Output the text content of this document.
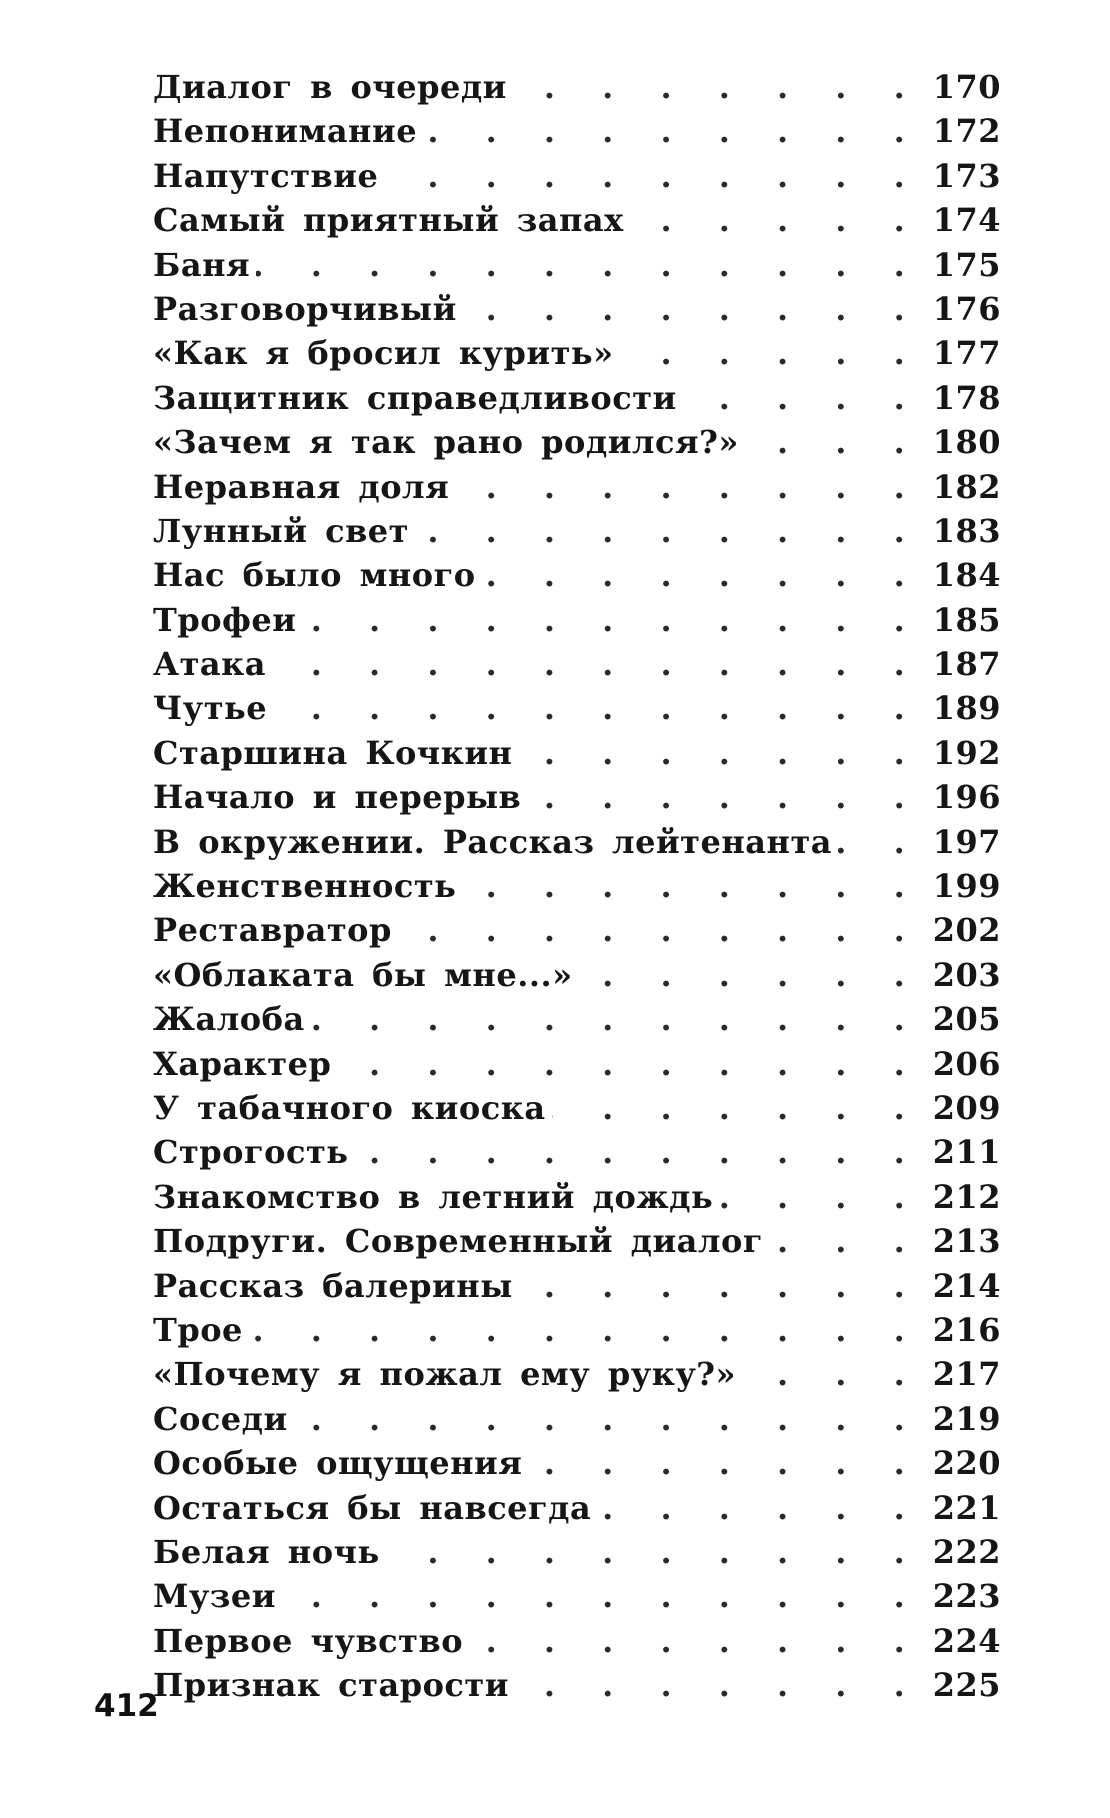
Диалог в очереди . . .	170
Непонимание . . .	172
Напутствие . . .	173
Самый приятный запах . . .	174
Баня . . .	175
Разговорчивый . . .	176
«Как я бросил курить» . . .	177
Защитник справедливости . . .	178
«Зачем я так рано родился?» . . .	180
Неравная доля . . .	182
Лунный свет . . .	183
Нас было много . . .	184
Трофеи . . .	185
Атака . . .	187
Чутье . . .	189
Старшина Кочкин . . .	192
Начало и перерыв . . .	196
В окружении. Рассказ лейтенанта . . .	197
Женственность . . .	199
Реставратор . . .	202
«Облаката бы мне...» . . .	203
Жалоба . . .	205
Характер . . .	206
У табачного киоска . . .	209
Строгость . . .	211
Знакомство в летний дождь . . .	212
Подруги. Современный диалог . . .	213
Рассказ балерины . . .	214
Трое . . .	216
«Почему я пожал ему руку?» . . .	217
Соседи . . .	219
Особые ощущения . . .	220
Остаться бы навсегда . . .	221
Белая ночь . . .	222
Музеи . . .	223
Первое чувство . . .	224
Признак старости . . .	225
412
